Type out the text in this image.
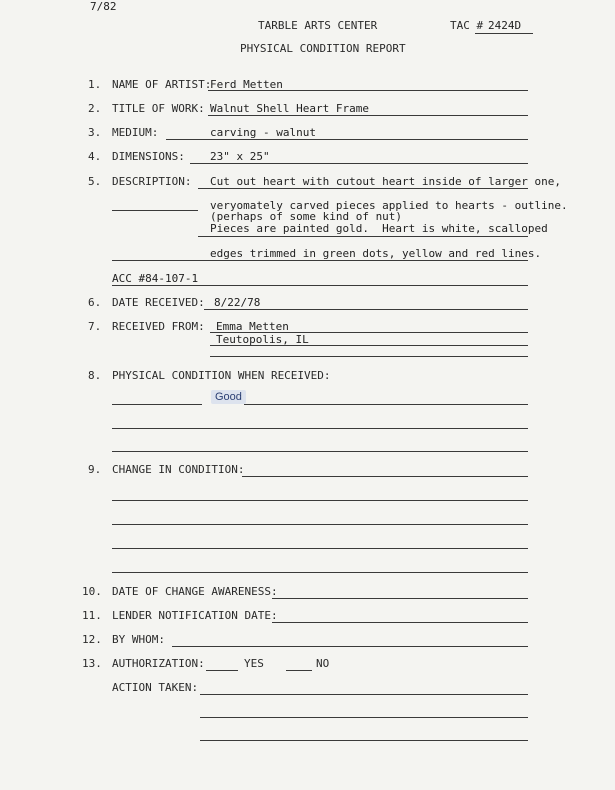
7/82
TARBLE ARTS CENTER	TAC # 2424D
PHYSICAL CONDITION REPORT
1. NAME OF ARTIST:
Ferd Metten
2. TITLE OF WORK: Walnut Shell Heart Frame
3. MEDIUM:	carving - walnut
4. DIMENSIONS: 23" x 25"
5. DESCRIPTION: Cut out heart with cutout heart inside of larger one,
veryomately carved pieces applied to hearts - outline.
(perhaps of some kind of nut)
Pieces are painted gold.  Heart is white, scalloped
edges trimmed in green dots, yellow and red lines.
ACC #84-107-1
6. DATE RECEIVED: 8/22/78
7. RECEIVED FROM: Emma Metten
Teutopolis, IL
8. PHYSICAL CONDITION WHEN RECEIVED:
Good
9. CHANGE IN CONDITION:
10. DATE OF CHANGE AWARENESS:
11. LENDER NOTIFICATION DATE:
12. BY WHOM:
13. AUTHORIZATION:	YES	NO
ACTION TAKEN:
